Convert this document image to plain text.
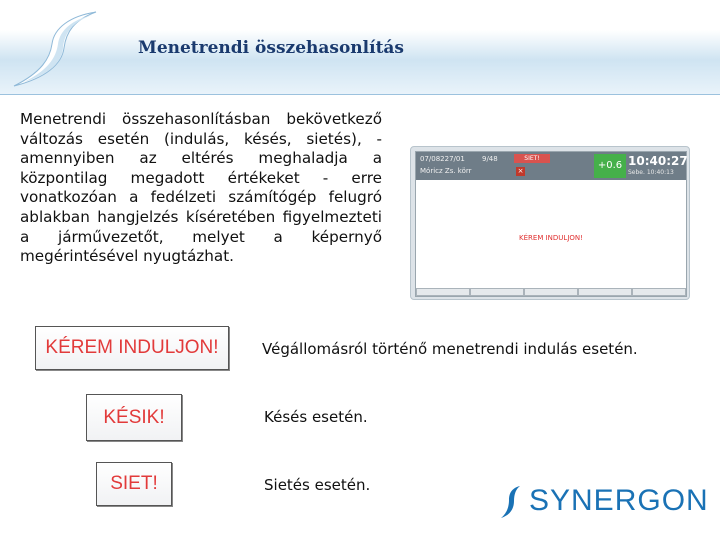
Menetrendi összehasonlítás

Menetrendi összehasonlításban bekövetkező változás esetén (indulás, késés, sietés), - amennyiben az eltérés meghaladja a központilag megadott értékeket - erre vonatkozóan a fedélzeti számítógép felugró ablakban hangjelzés kíséretében figyelmezteti a járművezetőt, melyet a képernyő megérintésével nyugtázhat.

07/08227/01
Móricz Zs. körr
9/48	SIET!
×	+0.6 10:40:27
Sebe. 10:40:13
KÉREM INDULJON!
KÉREM INDULJON!	Végállomásról történő menetrendi indulás esetén.
KÉSIK!	Késés esetén.
SIET!	Sietés esetén.	SYNERGON
